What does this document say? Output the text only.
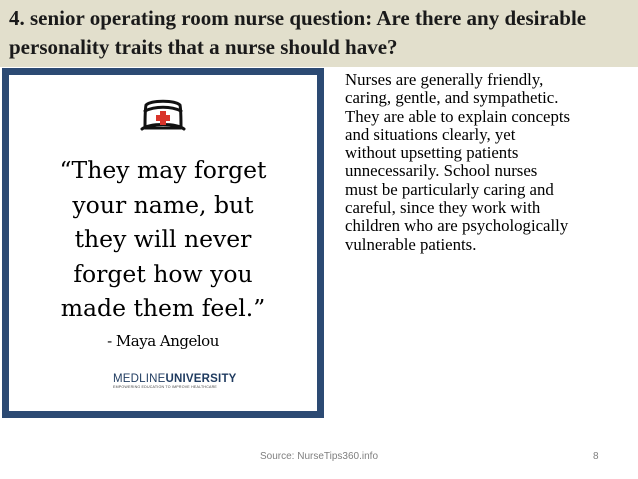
4. senior operating room nurse question: Are there any desirable personality traits that a nurse should have?

“They may forget
your name, but
they will never
forget how you
made them feel.”

- Maya Angelou
MEDLINEUNIVERSITY
EMPOWERING EDUCATION TO IMPROVE HEALTHCARE
Nurses are generally friendly,
caring, gentle, and sympathetic.
They are able to explain concepts
and situations clearly, yet
without upsetting patients
unnecessarily. School nurses
must be particularly caring and
careful, since they work with
children who are psychologically
vulnerable patients.
Source: NurseTips360.info	8
